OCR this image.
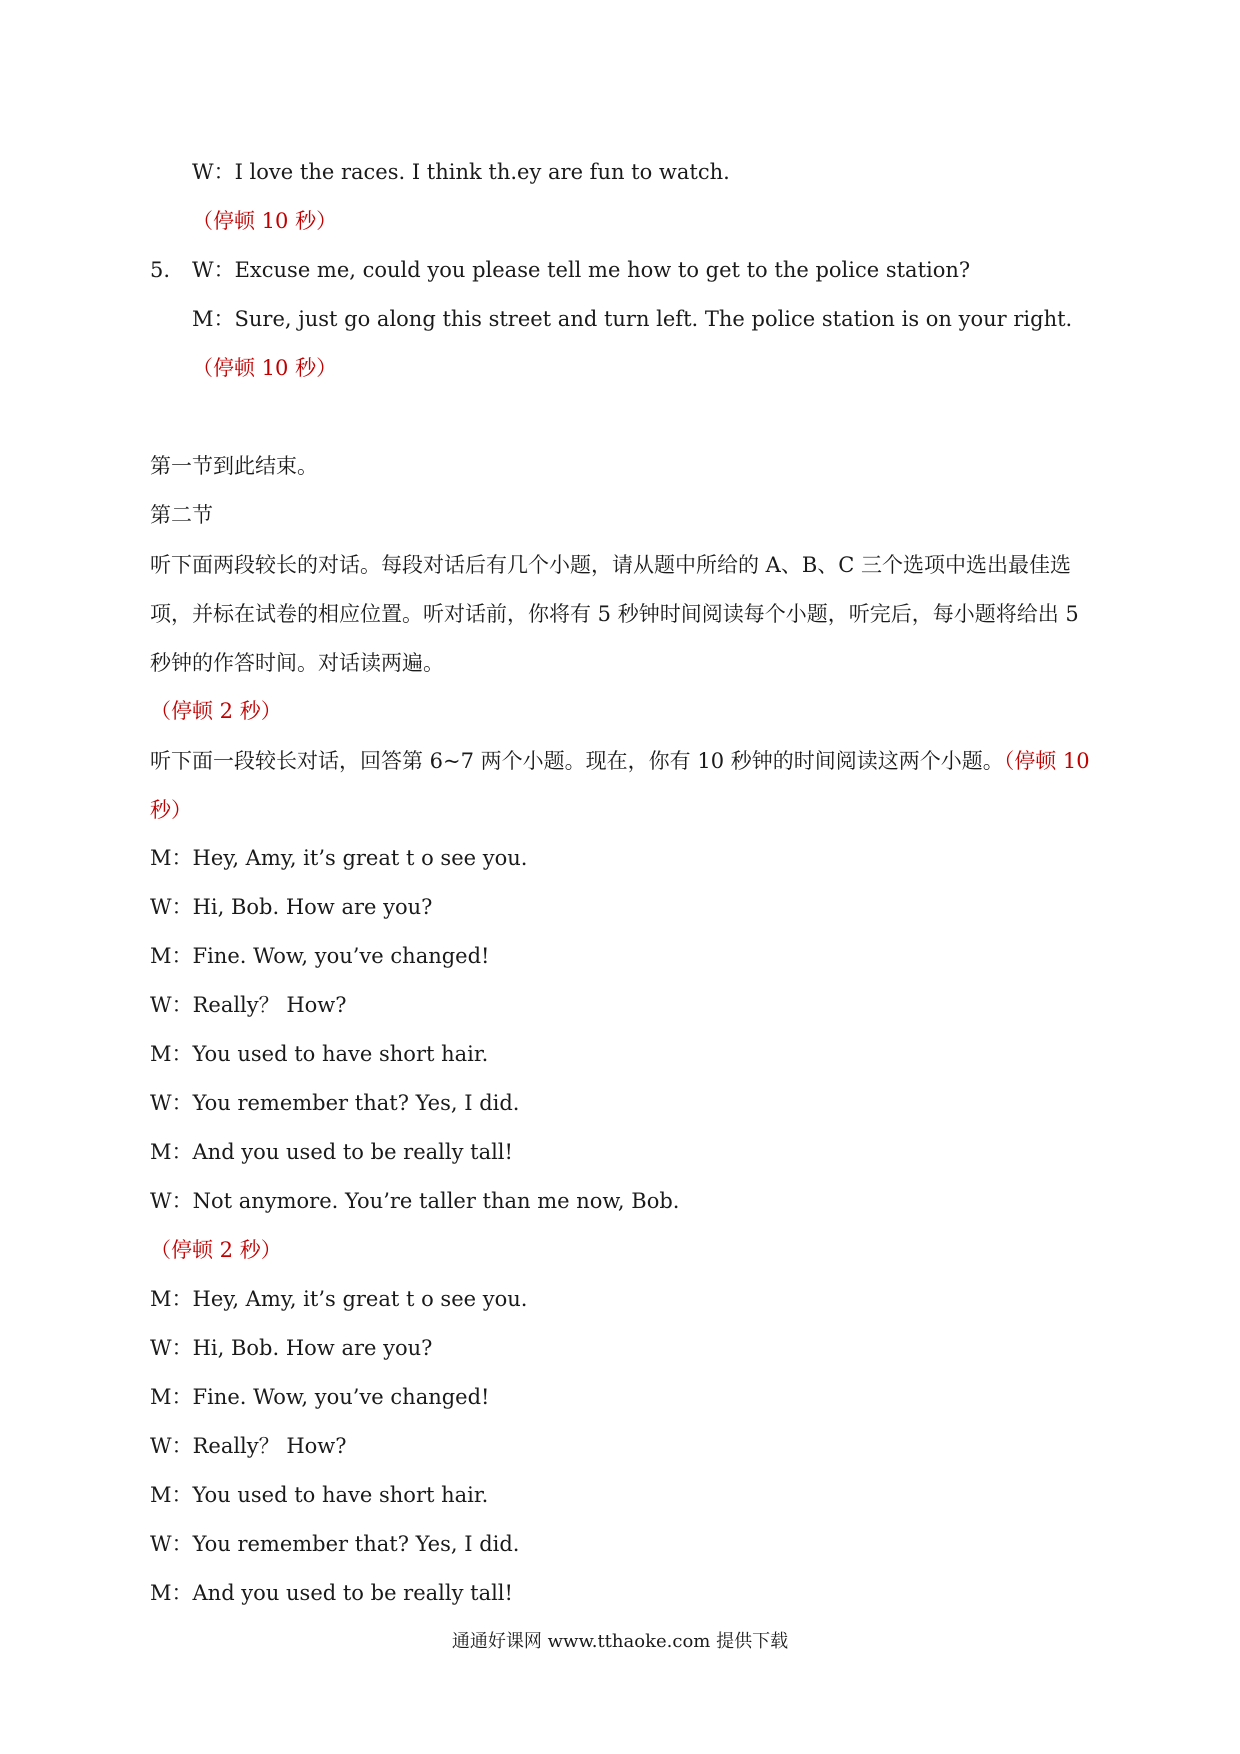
W：I love the races. I think th.ey are fun to watch.
（停顿 10 秒）
5. W：Excuse me, could you please tell me how to get to the police station?
M：Sure, just go along this street and turn left. The police station is on your right.
（停顿 10 秒）
第一节到此结束。
第二节
听下面两段较长的对话。每段对话后有几个小题，请从题中所给的 A、B、C 三个选项中选出最佳选项，并标在试卷的相应位置。听对话前，你将有 5 秒钟时间阅读每个小题，听完后，每小题将给出 5 秒钟的作答时间。对话读两遍。
（停顿 2 秒）
听下面一段较长对话，回答第 6~7 两个小题。现在，你有 10 秒钟的时间阅读这两个小题。（停顿 10 秒）
M：Hey, Amy, it’s great t o see you.
W：Hi, Bob. How are you?
M：Fine. Wow, you’ve changed!
W：Really？ How?
M：You used to have short hair.
W：You remember that? Yes, I did.
M：And you used to be really tall!
W：Not anymore. You’re taller than me now, Bob.
（停顿 2 秒）
M：Hey, Amy, it’s great t o see you.
W：Hi, Bob. How are you?
M：Fine. Wow, you’ve changed!
W：Really？ How?
M：You used to have short hair.
W：You remember that? Yes, I did.
M：And you used to be really tall!
通通好课网 www.tthaoke.com 提供下载
